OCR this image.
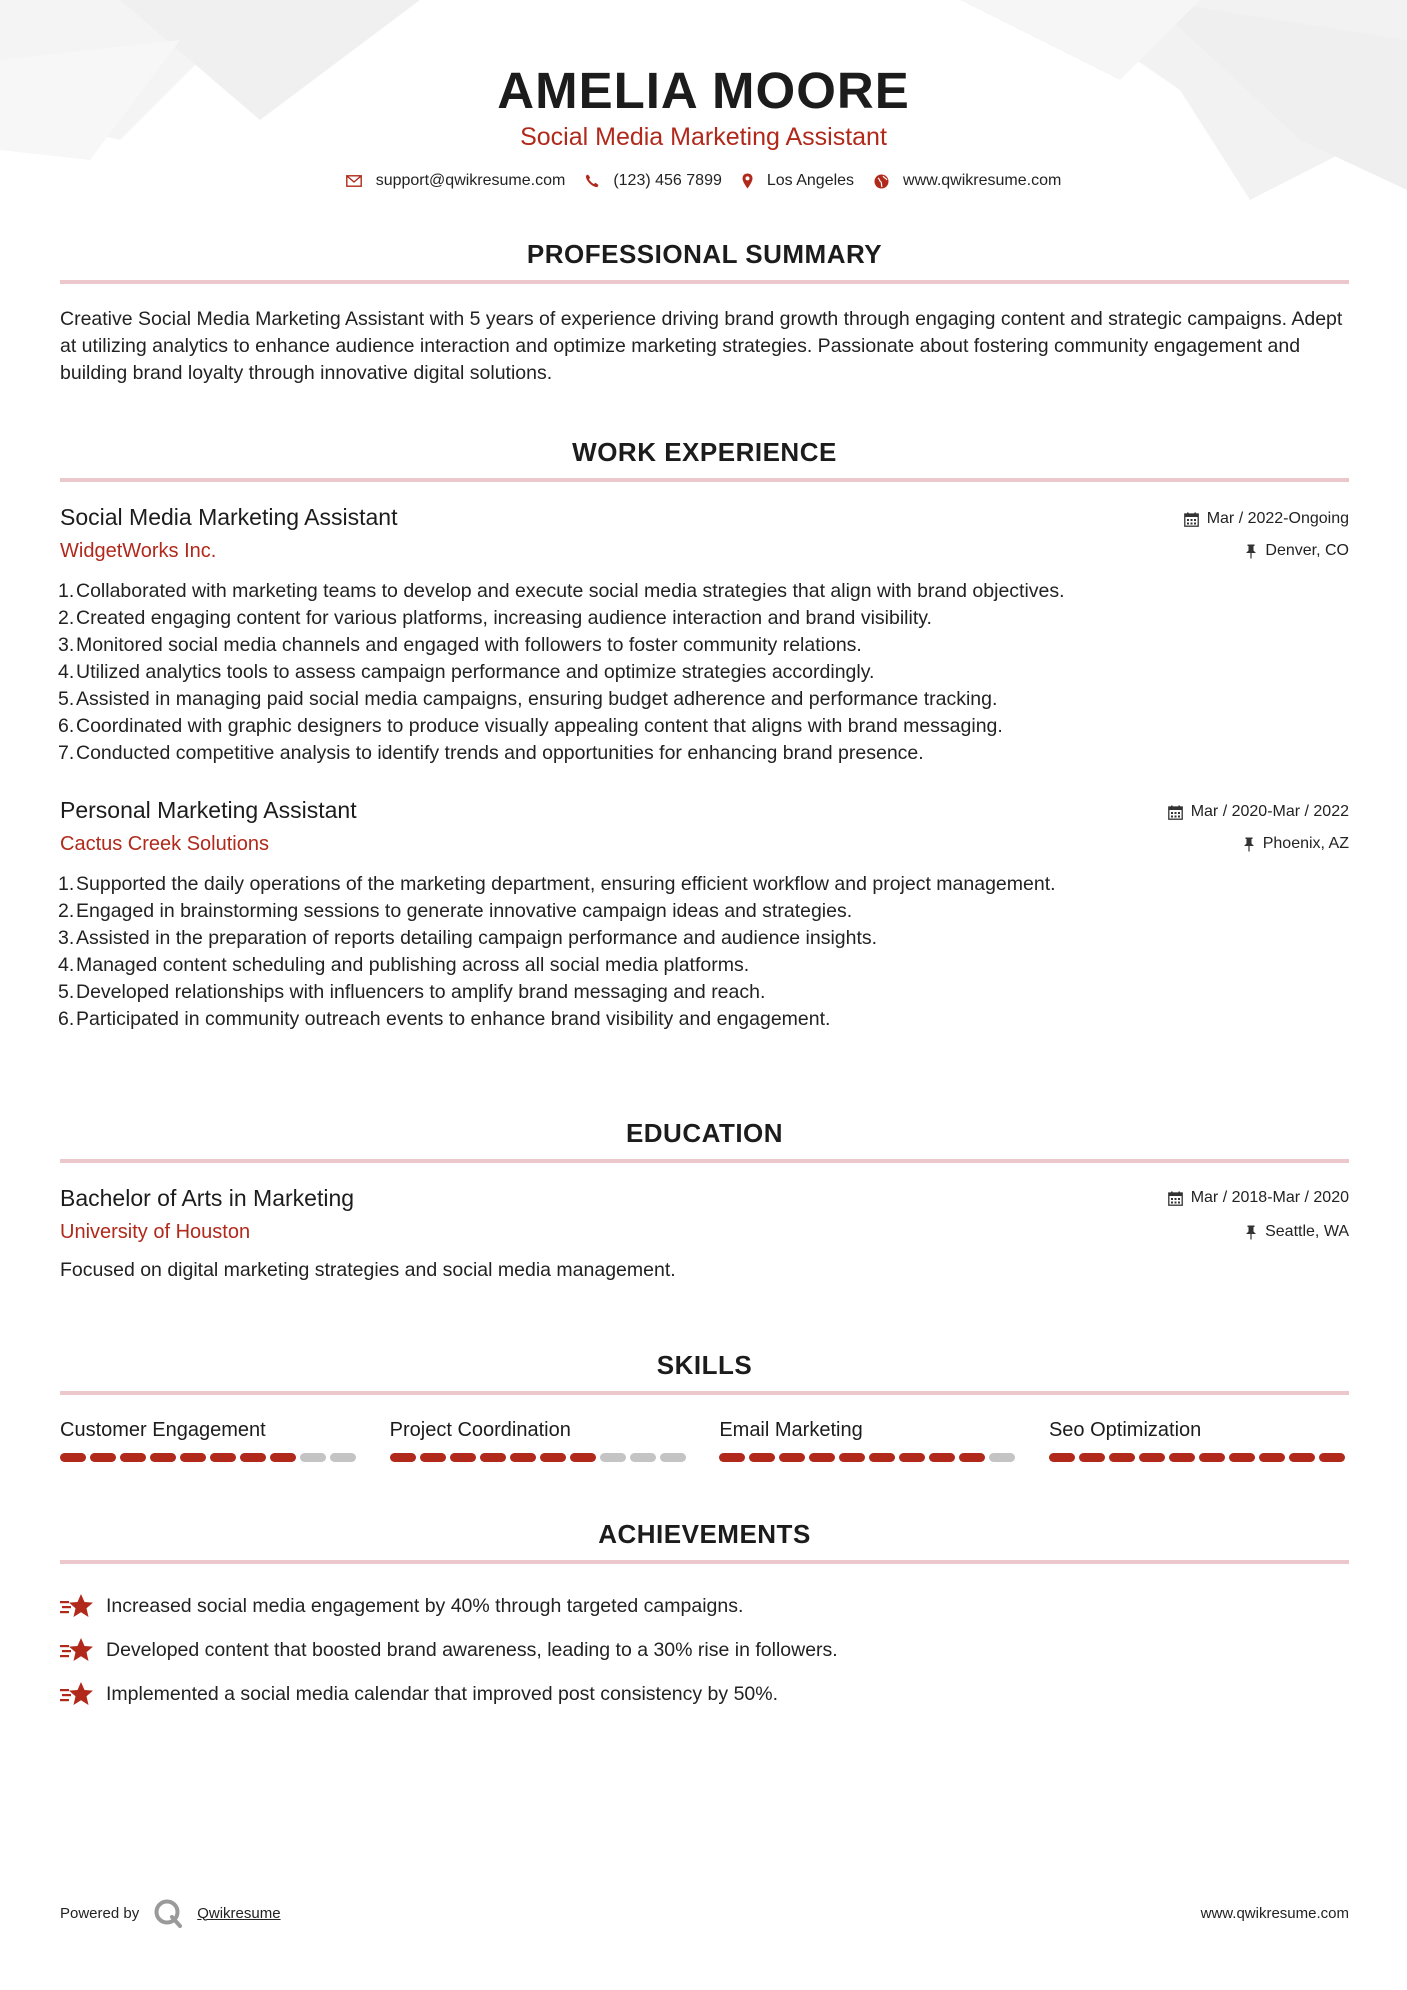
AMELIA MOORE
Social Media Marketing Assistant
support@qwikresume.com	(123) 456 7899	Los Angeles	www.qwikresume.com
PROFESSIONAL SUMMARY
Creative Social Media Marketing Assistant with 5 years of experience driving brand growth through engaging content and strategic campaigns. Adept at utilizing analytics to enhance audience interaction and optimize marketing strategies. Passionate about fostering community engagement and building brand loyalty through innovative digital solutions.
WORK EXPERIENCE
Social Media Marketing Assistant	Mar / 2022-Ongoing
WidgetWorks Inc.	Denver, CO
1. Collaborated with marketing teams to develop and execute social media strategies that align with brand objectives.
2. Created engaging content for various platforms, increasing audience interaction and brand visibility.
3. Monitored social media channels and engaged with followers to foster community relations.
4. Utilized analytics tools to assess campaign performance and optimize strategies accordingly.
5. Assisted in managing paid social media campaigns, ensuring budget adherence and performance tracking.
6. Coordinated with graphic designers to produce visually appealing content that aligns with brand messaging.
7. Conducted competitive analysis to identify trends and opportunities for enhancing brand presence.
Personal Marketing Assistant	Mar / 2020-Mar / 2022
Cactus Creek Solutions	Phoenix, AZ
1. Supported the daily operations of the marketing department, ensuring efficient workflow and project management.
2. Engaged in brainstorming sessions to generate innovative campaign ideas and strategies.
3. Assisted in the preparation of reports detailing campaign performance and audience insights.
4. Managed content scheduling and publishing across all social media platforms.
5. Developed relationships with influencers to amplify brand messaging and reach.
6. Participated in community outreach events to enhance brand visibility and engagement.
EDUCATION
Bachelor of Arts in Marketing	Mar / 2018-Mar / 2020
University of Houston	Seattle, WA
Focused on digital marketing strategies and social media management.
SKILLS
Customer Engagement	Project Coordination	Email Marketing	Seo Optimization
ACHIEVEMENTS
Increased social media engagement by 40% through targeted campaigns.
Developed content that boosted brand awareness, leading to a 30% rise in followers.
Implemented a social media calendar that improved post consistency by 50%.
Powered by	Qwikresume	www.qwikresume.com
